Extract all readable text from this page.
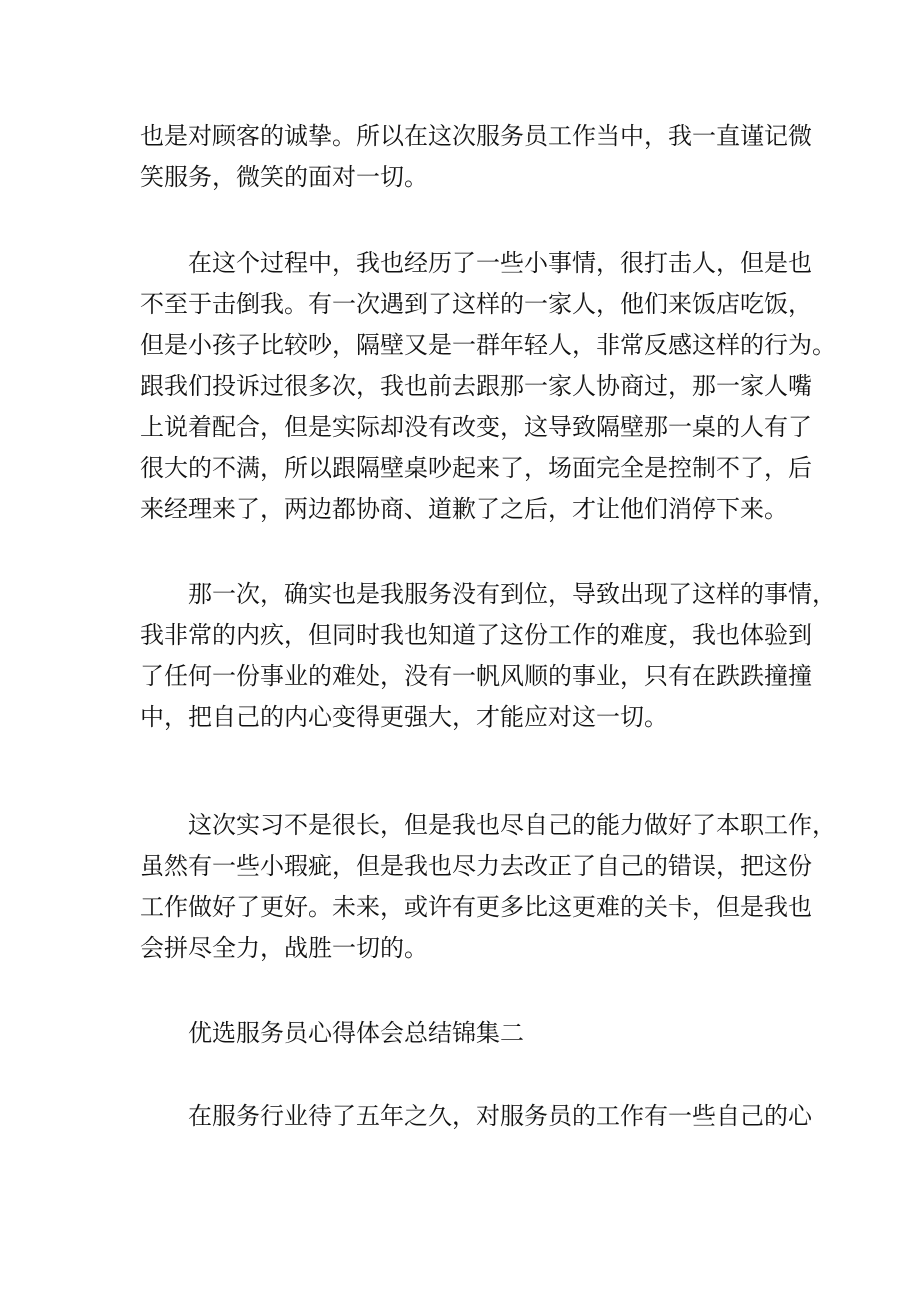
也是对顾客的诚挚。所以在这次服务员工作当中，我一直谨记微
笑服务，微笑的面对一切。
在这个过程中，我也经历了一些小事情，很打击人，但是也
不至于击倒我。有一次遇到了这样的一家人，他们来饭店吃饭，
但是小孩子比较吵，隔壁又是一群年轻人，非常反感这样的行为。
跟我们投诉过很多次，我也前去跟那一家人协商过，那一家人嘴
上说着配合，但是实际却没有改变，这导致隔壁那一桌的人有了
很大的不满，所以跟隔壁桌吵起来了，场面完全是控制不了，后
来经理来了，两边都协商、道歉了之后，才让他们消停下来。
那一次，确实也是我服务没有到位，导致出现了这样的事情，
我非常的内疚，但同时我也知道了这份工作的难度，我也体验到
了任何一份事业的难处，没有一帆风顺的事业，只有在跌跌撞撞
中，把自己的内心变得更强大，才能应对这一切。
这次实习不是很长，但是我也尽自己的能力做好了本职工作，
虽然有一些小瑕疵，但是我也尽力去改正了自己的错误，把这份
工作做好了更好。未来，或许有更多比这更难的关卡，但是我也
会拼尽全力，战胜一切的。
优选服务员心得体会总结锦集二
在服务行业待了五年之久，对服务员的工作有一些自己的心
